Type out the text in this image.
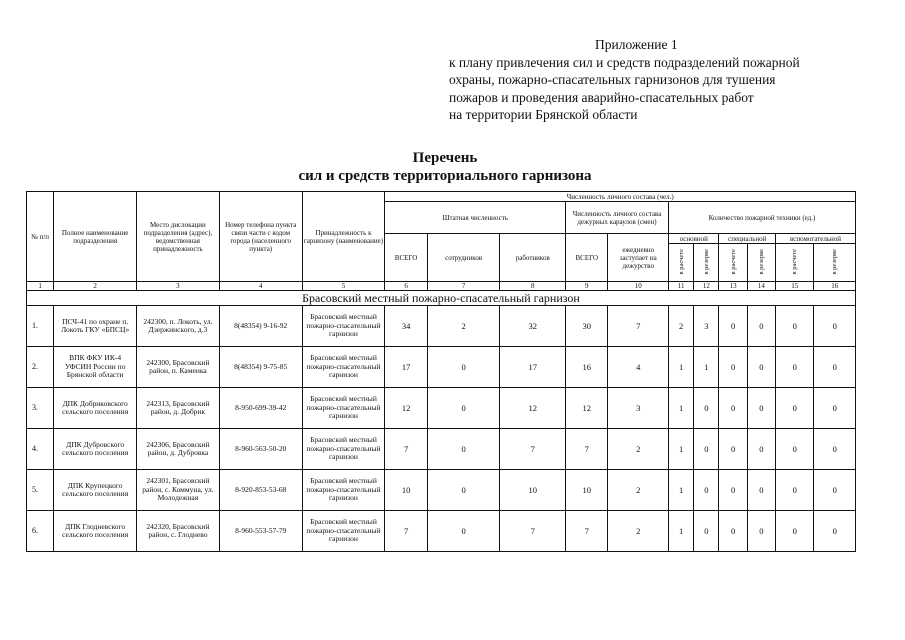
Приложение 1
к плану привлечения сил и средств подразделений пожарной
охраны, пожарно-спасательных гарнизонов для тушения
пожаров и проведения аварийно-спасательных работ
на территории Брянской области
Перечень
сил и средств территориального гарнизона
№ п/п	Полное наименование подразделения	Место дислокации подразделения (адрес), ведомственная принадлежность	Номер телефона пункта связи части с кодом города (населенного пункта)	Принадлежность к гарнизону (наименование)	Численность личного состава (чел.)										
					Штатная численность			Численность личного состава дежурных караулов (смен)		Количество пожарной техники (ед.)					
					ВСЕГО	сотрудников	работников	ВСЕГО	ежедневно заступает на дежурство	основной		специальной		вспомогательной	
										в расчете	в резерве	в расчете	в резерве	в расчете	в резерве
1	2	3	4	5	6	7	8	9	10	11	12	13	14	15	16
Брасовский местный пожарно-спасательный гарнизон															
1.	ПСЧ-41 по охране п. Локоть ГКУ «БПСЦ»	242300, п. Локоть, ул. Дзержинского, д.3	8(48354) 9-16-92	Брасовский местный пожарно-спасательный гарнизон	34	2	32	30	7	2	3	0	0	0	0
2.	ВПК ФКУ ИК-4 УФСИН России по Брянской области	242300, Брасовский район, п. Каменка	8(48354) 9-75-85	Брасовский местный пожарно-спасательный гарнизон	17	0	17	16	4	1	1	0	0	0	0
3.	ДПК Добриковского сельского поселения	242313, Брасовский район, д. Добрик	8-950-699-39-42	Брасовский местный пожарно-спасательный гарнизон	12	0	12	12	3	1	0	0	0	0	0
4.	ДПК Дубровского сельского поселения	242306, Брасовский район, д. Дубровка	8-960-563-50-20	Брасовский местный пожарно-спасательный гарнизон	7	0	7	7	2	1	0	0	0	0	0
5.	ДПК Крупецкого сельского поселения	242301, Брасовский район, с. Коммуна, ул. Молодежная	8-920-853-53-68	Брасовский местный пожарно-спасательный гарнизон	10	0	10	10	2	1	0	0	0	0	0
6.	ДПК Глодневского сельского поселения	242320, Брасовский район, с. Глоднево	8-960-553-57-79	Брасовский местный пожарно-спасательный гарнизон	7	0	7	7	2	1	0	0	0	0	0
